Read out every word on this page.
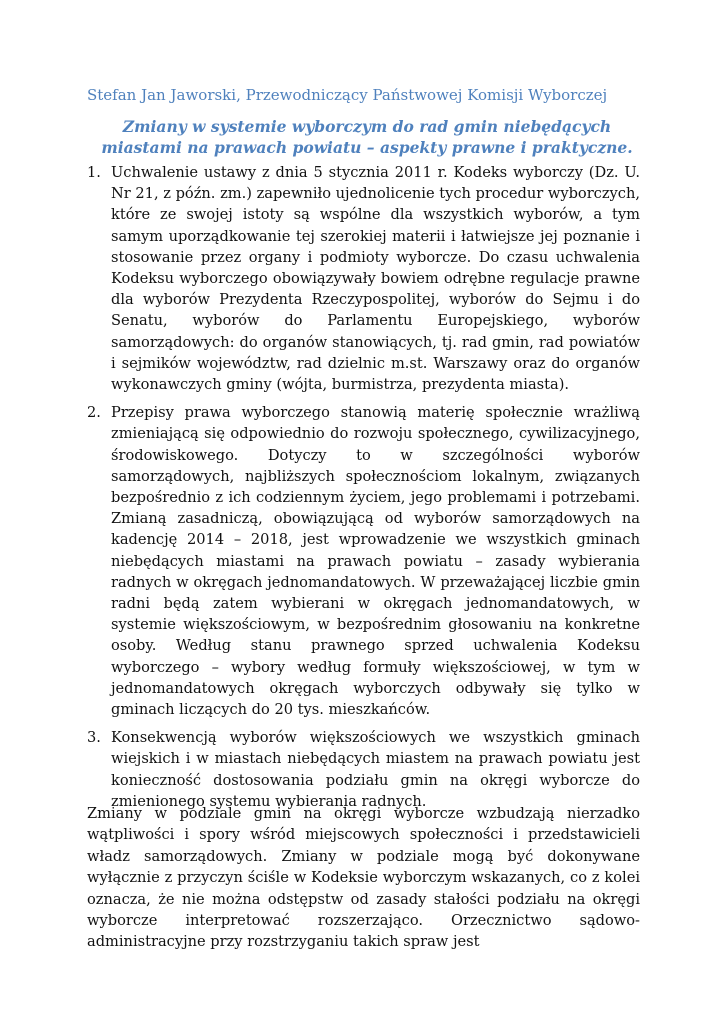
Stefan Jan Jaworski, Przewodniczący Państwowej Komisji Wyborczej
Zmiany w systemie wyborczym do rad gmin niebędących miastami na prawach powiatu – aspekty prawne i praktyczne.
1. Uchwalenie ustawy z dnia 5 stycznia 2011 r. Kodeks wyborczy (Dz. U. Nr 21, z późn. zm.) zapewniło ujednolicenie tych procedur wyborczych, które ze swojej istoty są wspólne dla wszystkich wyborów, a tym samym uporządkowanie tej szerokiej materii i łatwiejsze jej poznanie i stosowanie przez organy i podmioty wyborcze. Do czasu uchwalenia Kodeksu wyborczego obowiązywały bowiem odrębne regulacje prawne dla wyborów Prezydenta Rzeczypospolitej, wyborów do Sejmu i do Senatu, wyborów do Parlamentu Europejskiego, wyborów samorządowych: do organów stanowiących, tj. rad gmin, rad powiatów i sejmików województw, rad dzielnic m.st. Warszawy oraz do organów wykonawczych gminy (wójta, burmistrza, prezydenta miasta).
2. Przepisy prawa wyborczego stanowią materię społecznie wrażliwą zmieniającą się odpowiednio do rozwoju społecznego, cywilizacyjnego, środowiskowego. Dotyczy to w szczególności wyborów samorządowych, najbliższych społecznościom lokalnym, związanych bezpośrednio z ich codziennym życiem, jego problemami i potrzebami. Zmianą zasadniczą, obowiązującą od wyborów samorządowych na kadencję 2014 – 2018, jest wprowadzenie we wszystkich gminach niebędących miastami na prawach powiatu – zasady wybierania radnych w okręgach jednomandatowych. W przeważającej liczbie gmin radni będą zatem wybierani w okręgach jednomandatowych, w systemie większościowym, w bezpośrednim głosowaniu na konkretne osoby. Według stanu prawnego sprzed uchwalenia Kodeksu wyborczego – wybory według formuły większościowej, w tym w jednomandatowych okręgach wyborczych odbywały się tylko w gminach liczących do 20 tys. mieszkańców.
3. Konsekwencją wyborów większościowych we wszystkich gminach wiejskich i w miastach niebędących miastem na prawach powiatu jest konieczność dostosowania podziału gmin na okręgi wyborcze do zmienionego systemu wybierania radnych.

Zmiany w podziale gmin na okręgi wyborcze wzbudzają nierzadko wątpliwości i spory wśród miejscowych społeczności i przedstawicieli władz samorządowych. Zmiany w podziale mogą być dokonywane wyłącznie z przyczyn ściśle w Kodeksie wyborczym wskazanych, co z kolei oznacza, że nie można odstępstw od zasady stałości podziału na okręgi wyborcze interpretować rozszerzająco. Orzecznictwo sądowo-administracyjne przy rozstrzyganiu takich spraw jest
